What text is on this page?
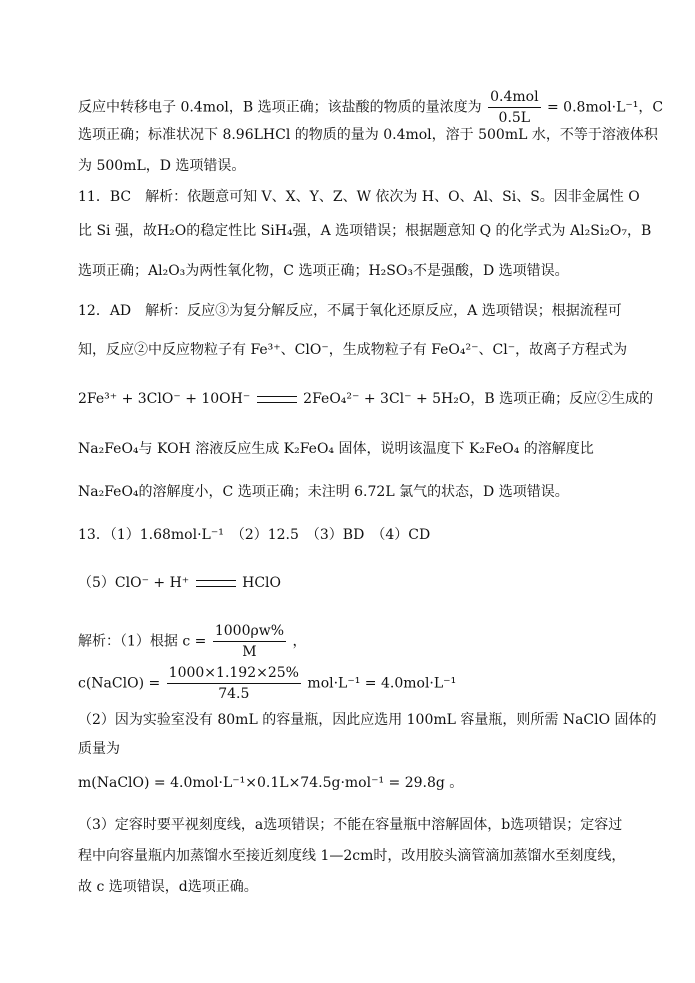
反应中转移电子 0.4mol，B 选项正确；该盐酸的物质的量浓度为 $\frac{\text{0.4mol}}{0.5L} = 0.8mol\cdot L^{-1}$，C
选项正确；标准状况下 8.96LHCl 的物质的量为 0.4mol，溶于 500mL 水，不等于溶液体积
为 500mL，D 选项错误。
11．BC　解析：依题意可知 V、X、Y、Z、W 依次为 H、O、Al、Si、S。因非金属性 O
比 Si 强，故H₂O的稳定性比 SiH₄强，A 选项错误；根据题意知 Q 的化学式为 Al₂Si₂O₇，B
选项正确；Al₂O₃为两性氧化物，C 选项正确；H₂SO₃不是强酸，D 选项错误。
12．AD　解析：反应③为复分解反应，不属于氧化还原反应，A 选项错误；根据流程可
知，反应②中反应物粒子有 Fe³⁺、ClO⁻，生成物粒子有 FeO₄²⁻、Cl⁻，故离子方程式为
2Fe³⁺ + 3ClO⁻ + 10OH⁻	2FeO₄²⁻ + 3Cl⁻ + 5H₂O，B 选项正确；反应②生成的
Na₂FeO₄与 KOH 溶液反应生成 K₂FeO₄ 固体，说明该温度下 K₂FeO₄ 的溶解度比
Na₂FeO₄的溶解度小，C 选项正确；未注明 6.72L 氯气的状态，D 选项错误。
13．（1）1.68mol·L⁻¹　（2）12.5　（3）BD　（4）CD
（5）ClO⁻ + H⁺	HClO
解析：（1）根据 $c = \frac{1000\rho w\%}{M}$ ，
c(NaClO) = $\frac{1000\times 1.192\times 25\%}{74.5} mol\cdot L^{-1} = 4.0mol\cdot L^{-1}$
（2）因为实验室没有 80mL 的容量瓶，因此应选用 100mL 容量瓶，则所需 NaClO 固体的
质量为
m(NaClO) = 4.0mol·L⁻¹×0.1L×74.5g·mol⁻¹ = 29.8g 。
（3）定容时要平视刻度线，a选项错误；不能在容量瓶中溶解固体，b选项错误；定容过
程中向容量瓶内加蒸馏水至接近刻度线 1—2cm时，改用胶头滴管滴加蒸馏水至刻度线，
故 c 选项错误，d选项正确。
